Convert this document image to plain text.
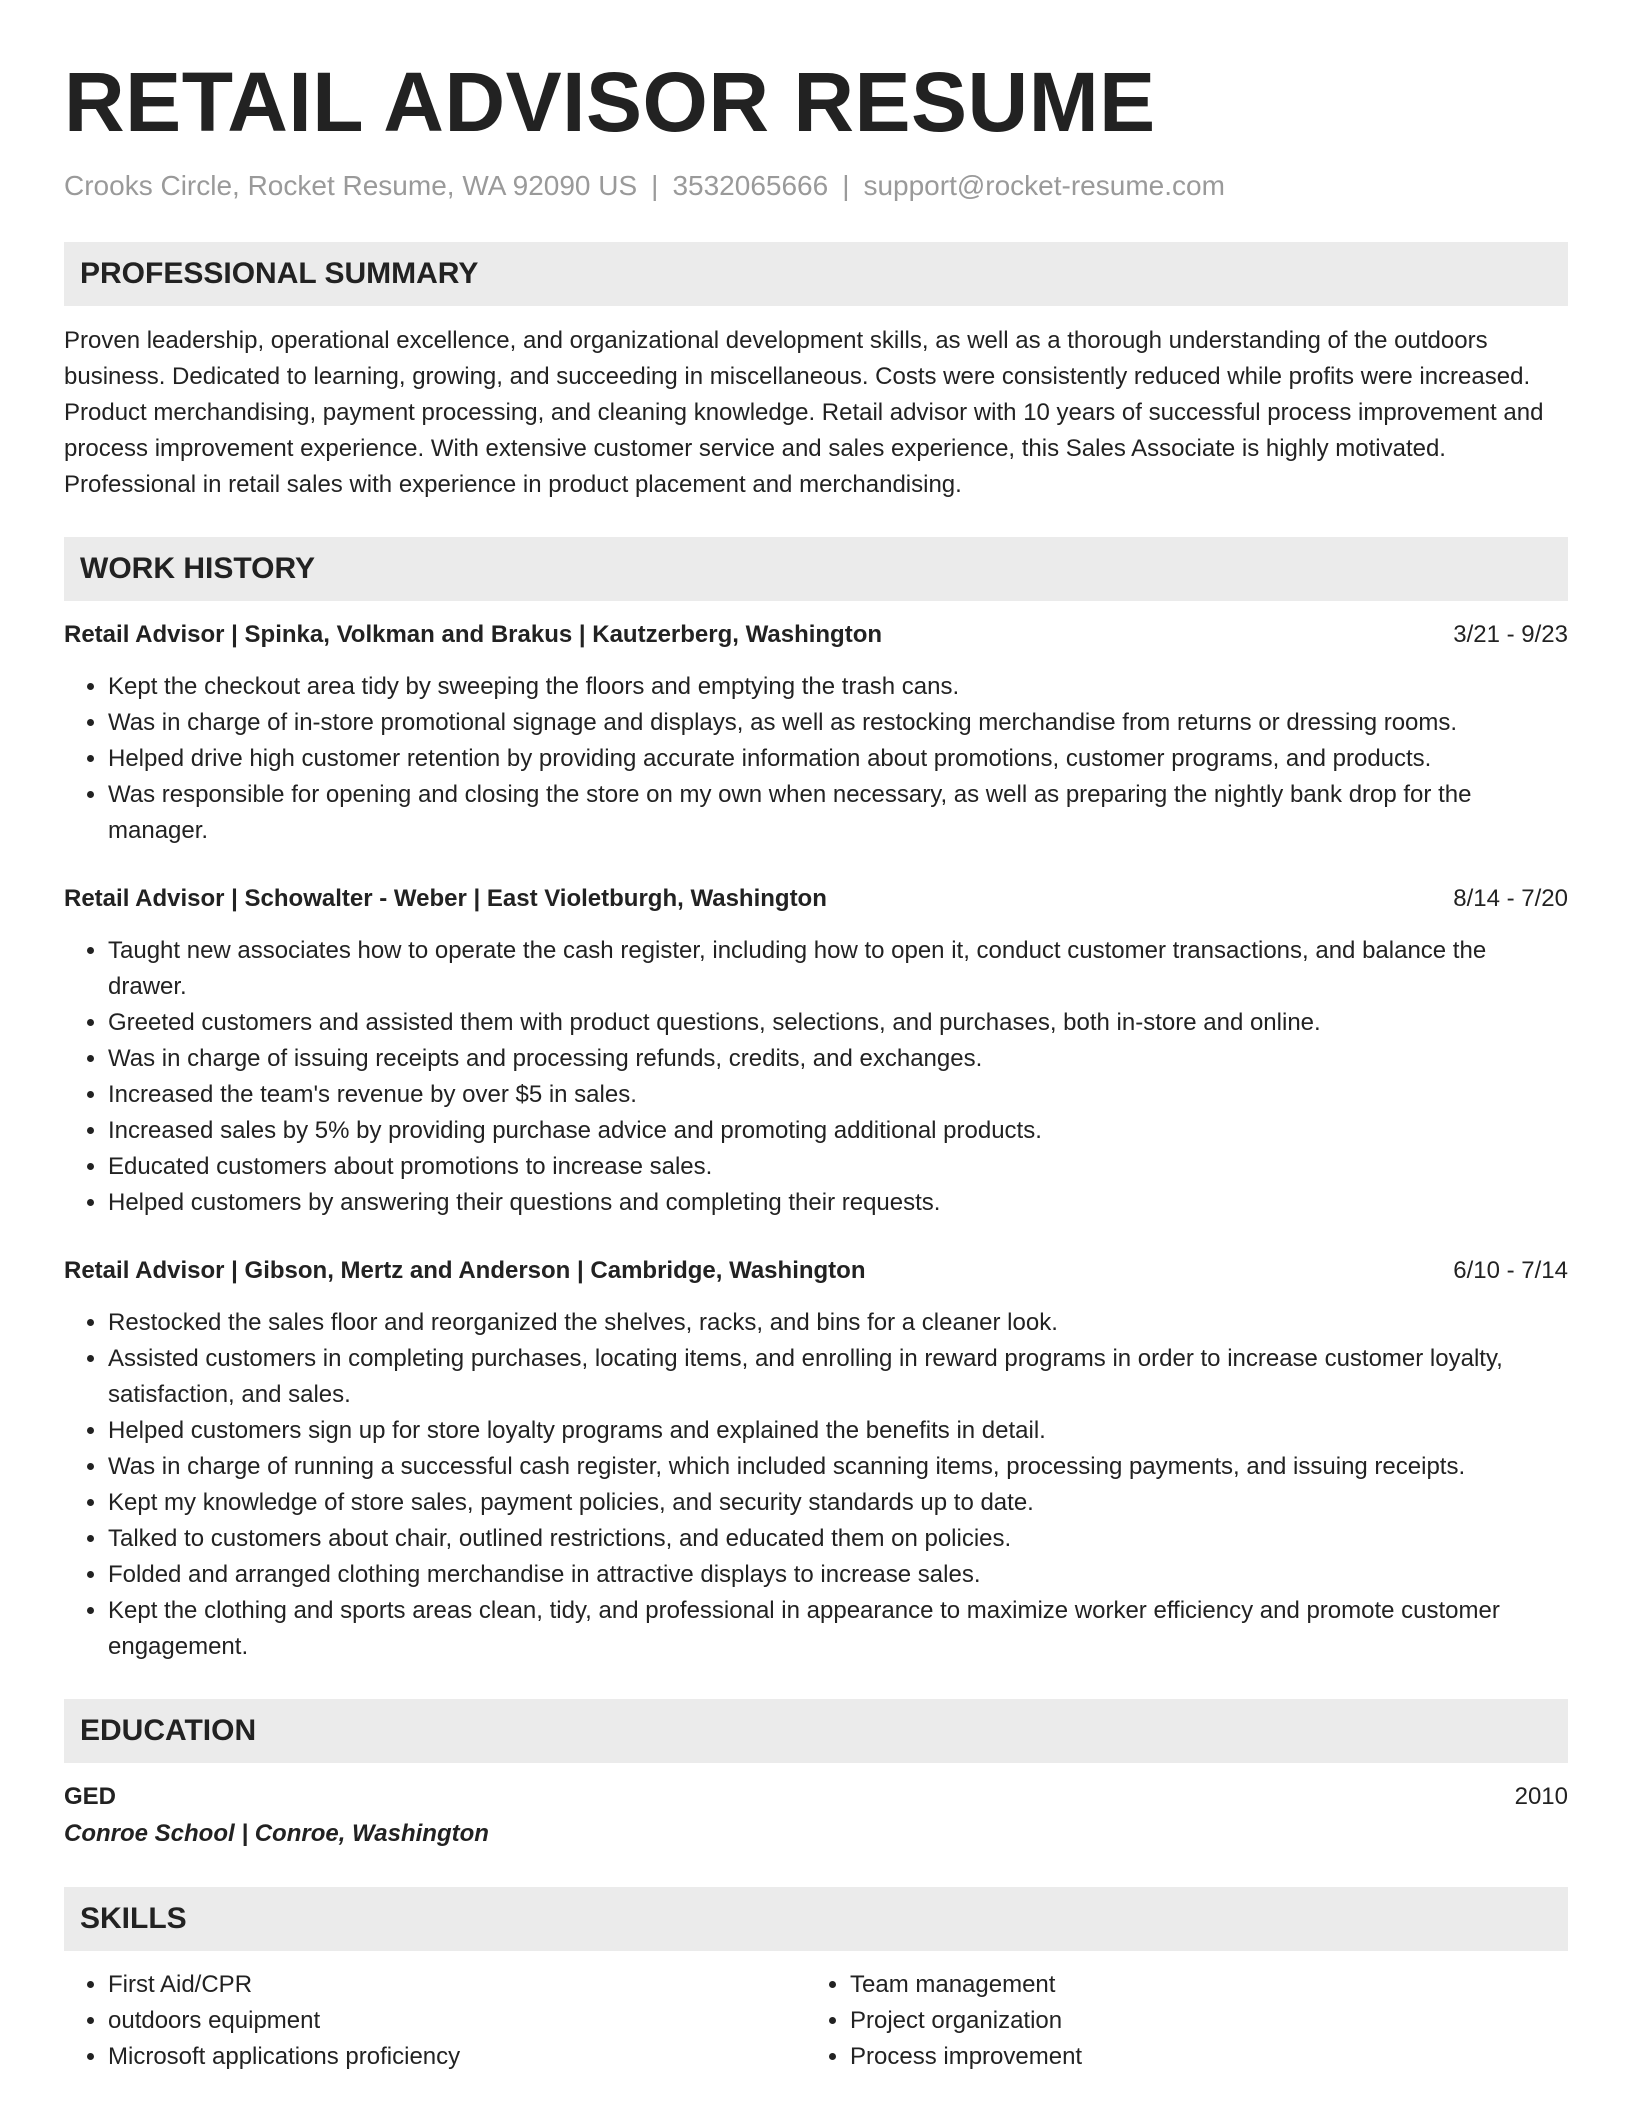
RETAIL ADVISOR RESUME
Crooks Circle, Rocket Resume, WA 92090 US | 3532065666 | support@rocket-resume.com
PROFESSIONAL SUMMARY
Proven leadership, operational excellence, and organizational development skills, as well as a thorough understanding of the outdoors business. Dedicated to learning, growing, and succeeding in miscellaneous. Costs were consistently reduced while profits were increased. Product merchandising, payment processing, and cleaning knowledge. Retail advisor with 10 years of successful process improvement and process improvement experience. With extensive customer service and sales experience, this Sales Associate is highly motivated. Professional in retail sales with experience in product placement and merchandising.
WORK HISTORY
Retail Advisor | Spinka, Volkman and Brakus | Kautzerberg, Washington	3/21 - 9/23
• Kept the checkout area tidy by sweeping the floors and emptying the trash cans.
• Was in charge of in-store promotional signage and displays, as well as restocking merchandise from returns or dressing rooms.
• Helped drive high customer retention by providing accurate information about promotions, customer programs, and products.
• Was responsible for opening and closing the store on my own when necessary, as well as preparing the nightly bank drop for the manager.
Retail Advisor | Schowalter - Weber | East Violetburgh, Washington	8/14 - 7/20
• Taught new associates how to operate the cash register, including how to open it, conduct customer transactions, and balance the drawer.
• Greeted customers and assisted them with product questions, selections, and purchases, both in-store and online.
• Was in charge of issuing receipts and processing refunds, credits, and exchanges.
• Increased the team's revenue by over $5 in sales.
• Increased sales by 5% by providing purchase advice and promoting additional products.
• Educated customers about promotions to increase sales.
• Helped customers by answering their questions and completing their requests.
Retail Advisor | Gibson, Mertz and Anderson | Cambridge, Washington	6/10 - 7/14
• Restocked the sales floor and reorganized the shelves, racks, and bins for a cleaner look.
• Assisted customers in completing purchases, locating items, and enrolling in reward programs in order to increase customer loyalty, satisfaction, and sales.
• Helped customers sign up for store loyalty programs and explained the benefits in detail.
• Was in charge of running a successful cash register, which included scanning items, processing payments, and issuing receipts.
• Kept my knowledge of store sales, payment policies, and security standards up to date.
• Talked to customers about chair, outlined restrictions, and educated them on policies.
• Folded and arranged clothing merchandise in attractive displays to increase sales.
• Kept the clothing and sports areas clean, tidy, and professional in appearance to maximize worker efficiency and promote customer engagement.
EDUCATION
GED	2010
Conroe School | Conroe, Washington
SKILLS
• First Aid/CPR
• outdoors equipment
• Microsoft applications proficiency
• Team management
• Project organization
• Process improvement
